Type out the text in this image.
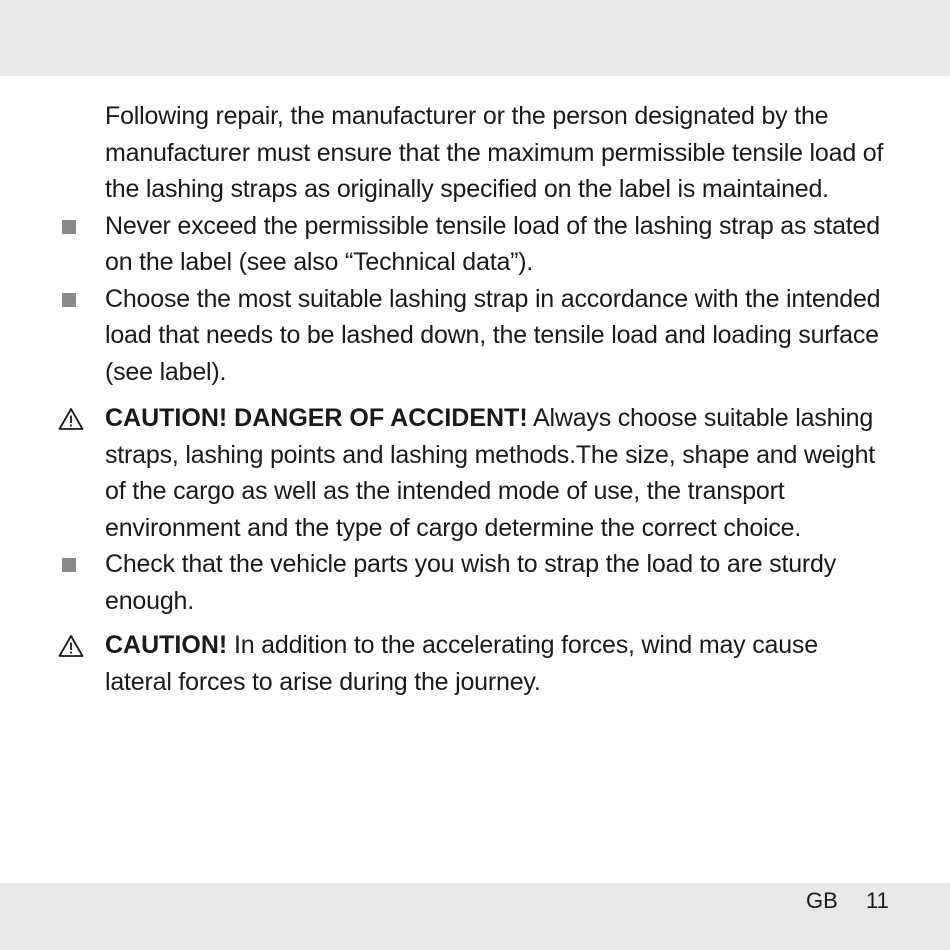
Following repair, the manufacturer or the person designated by the manufacturer must ensure that the maximum permissible tensile load of the lashing straps as originally specified on the label is maintained.
Never exceed the permissible tensile load of the lashing strap as stated on the label (see also “Technical data”).
Choose the most suitable lashing strap in accordance with the intended load that needs to be lashed down, the tensile load and loading surface (see label).
CAUTION! DANGER OF ACCIDENT! Always choose suitable lashing straps, lashing points and lashing methods.The size, shape and weight of the cargo as well as the intended mode of use, the transport environment and the type of cargo determine the correct choice.
Check that the vehicle parts you wish to strap the load to are sturdy enough.
CAUTION! In addition to the accelerating forces, wind may cause lateral forces to arise during the journey.
GB 11
